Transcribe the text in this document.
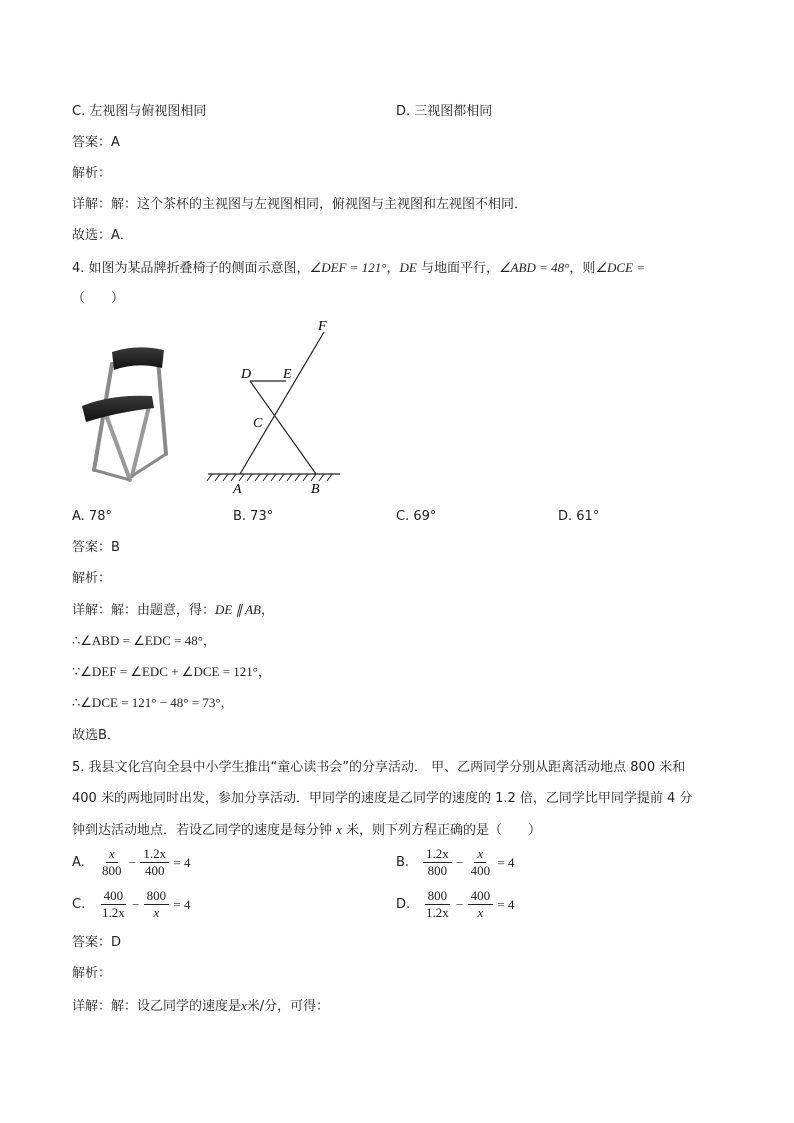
C. 左视图与俯视图相同	D. 三视图都相同
答案：A
解析：
详解：解：这个茶杯的主视图与左视图相同，俯视图与主视图和左视图不相同．
故选：A．
4. 如图为某品牌折叠椅子的侧面示意图，∠DEF = 121°，DE 与地面平行，∠ABD = 48°，则∠DCE =
（　　）
F
D E
C
A	B
A. 78°	B. 73°	C. 69°	D. 61°
答案：B
解析：
详解：解：由题意，得：DE ∥ AB，
∴∠ABD = ∠EDC = 48°，
∵∠DEF = ∠EDC + ∠DCE = 121°，
∴∠DCE = 121° − 48° = 73°，
故选B．
5. 我县文化宫向全县中小学生推出“童心读书会”的分享活动． 甲、乙两同学分别从距离活动地点 800 米和
400 米的两地同时出发，参加分享活动．甲同学的速度是乙同学的速度的 1.2 倍，乙同学比甲同学提前 4 分
钟到达活动地点．若设乙同学的速度是每分钟 x 米，则下列方程正确的是（　　）
A.	$\frac{x}{800} - \frac{1.2x}{400} = 4$	B.	$\frac{1.2x}{800} - \frac{x}{400} = 4$
C.	$\frac{400}{1.2x} - \frac{800}{x} = 4$	D. $\frac{800}{1.2x} - \frac{400}{x} = 4$
答案：D
解析：
详解：解：设乙同学的速度是x米/分，可得：
